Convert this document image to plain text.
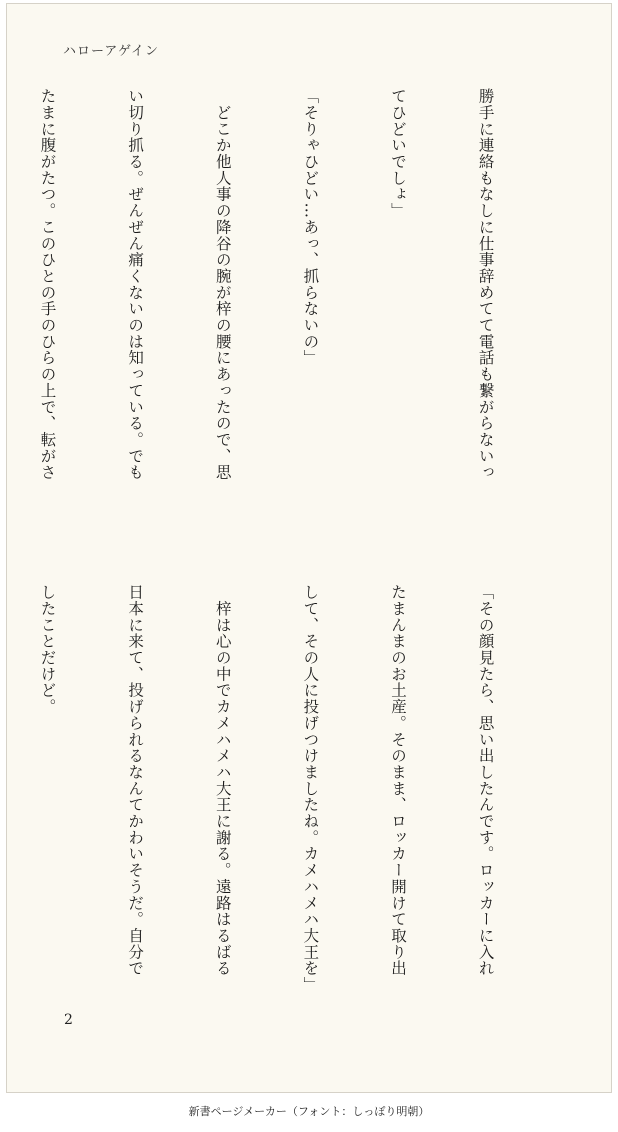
ハローアゲイン

勝手に連絡もなしに仕事辞めてて電話も繋がらないっ

てひどいでしょ」

「そりゃひどい…あっ、抓らないの」

　どこか他人事の降谷の腕が梓の腰にあったので、思

い切り抓る。ぜんぜん痛くないのは知っている。でも

たまに腹がたつ。このひとの手のひらの上で、転がさ

「その顔見たら、思い出したんです。ロッカーに入れ

たまんまのお土産。そのまま、ロッカー開けて取り出

して、その人に投げつけましたね。カメハメハ大王を」

　梓は心の中でカメハメハ大王に謝る。遠路はるばる

日本に来て、投げられるなんてかわいそうだ。自分で

したことだけど。

2
新書ページメーカー（フォント：しっぽり明朝）
